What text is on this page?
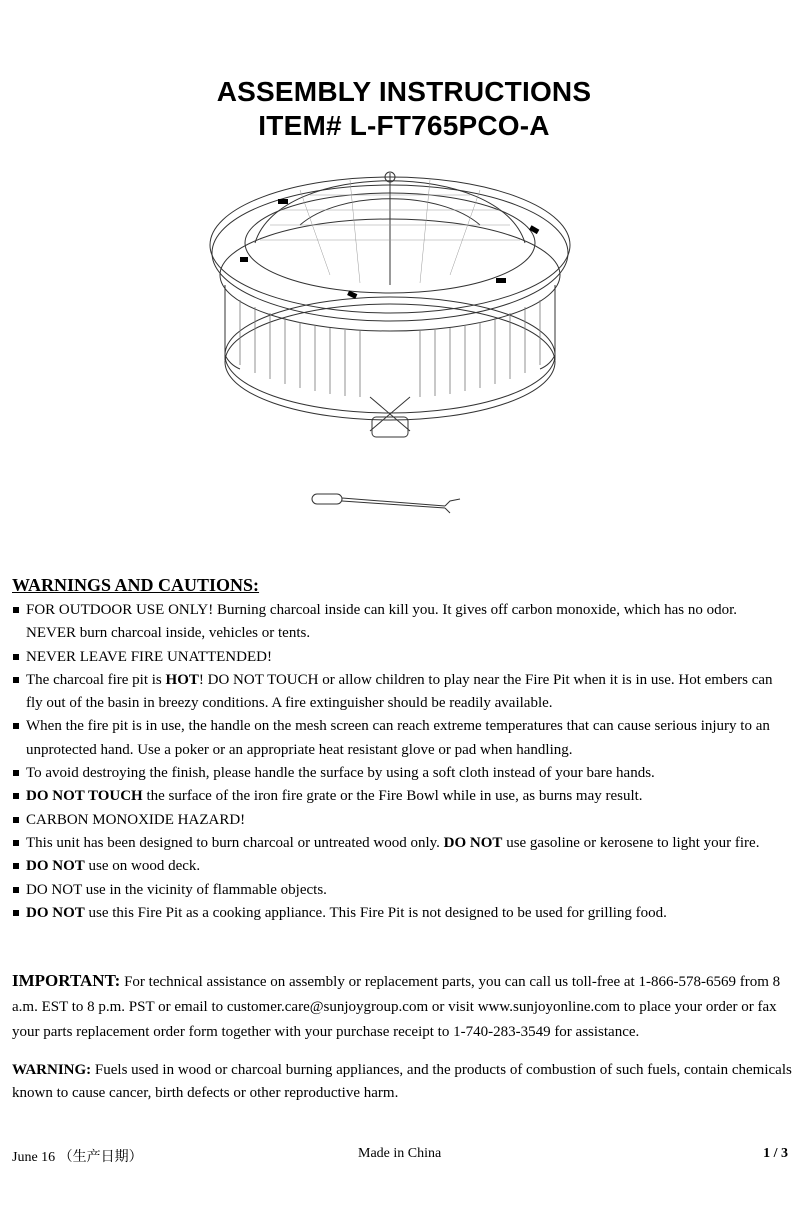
ASSEMBLY INSTRUCTIONS
ITEM# L-FT765PCO-A
WARNINGS AND CAUTIONS:
FOR OUTDOOR USE ONLY! Burning charcoal inside can kill you. It gives off carbon monoxide, which has no odor. NEVER burn charcoal inside, vehicles or tents.
NEVER LEAVE FIRE UNATTENDED!
The charcoal fire pit is HOT! DO NOT TOUCH or allow children to play near the Fire Pit when it is in use. Hot embers can fly out of the basin in breezy conditions. A fire extinguisher should be readily available.
When the fire pit is in use, the handle on the mesh screen can reach extreme temperatures that can cause serious injury to an unprotected hand. Use a poker or an appropriate heat resistant glove or pad when handling.
To avoid destroying the finish, please handle the surface by using a soft cloth instead of your bare hands.
DO NOT TOUCH the surface of the iron fire grate or the Fire Bowl while in use, as burns may result.
CARBON MONOXIDE HAZARD!
This unit has been designed to burn charcoal or untreated wood only. DO NOT use gasoline or kerosene to light your fire.
DO NOT use on wood deck.
DO NOT use in the vicinity of flammable objects.
DO NOT use this Fire Pit as a cooking appliance. This Fire Pit is not designed to be used for grilling food.
IMPORTANT: For technical assistance on assembly or replacement parts, you can call us toll-free at 1-866-578-6569 from 8 a.m. EST to 8 p.m. PST or email to customer.care@sunjoygroup.com or visit www.sunjoyonline.com to place your order or fax your parts replacement order form together with your purchase receipt to 1-740-283-3549 for assistance.
WARNING: Fuels used in wood or charcoal burning appliances, and the products of combustion of such fuels, contain chemicals known to cause cancer, birth defects or other reproductive harm.
June 16 （生产日期）	Made in China	1 / 3
